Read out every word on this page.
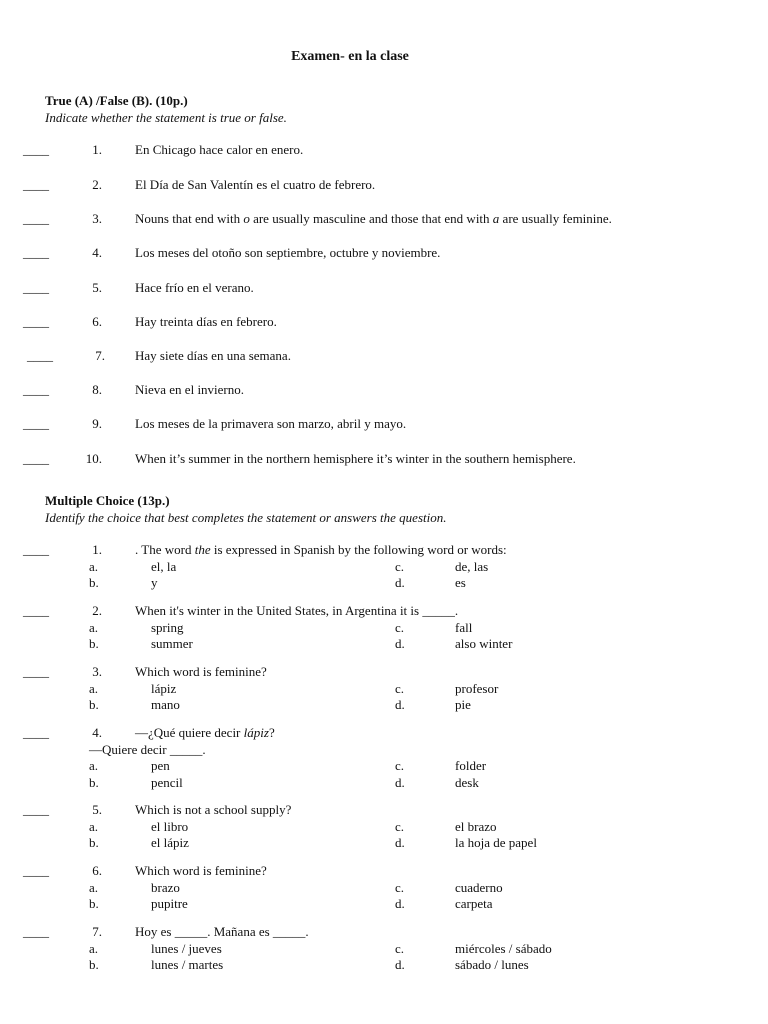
Examen- en la clase
True (A) /False (B). (10p.)
Indicate whether the statement is true or false.
____	1.	En Chicago hace calor en enero.
____	2.	El Día de San Valentín es el cuatro de febrero.
____	3.	Nouns that end with o are usually masculine and those that end with a are usually feminine.
____	4.	Los meses del otoño son septiembre, octubre y noviembre.
____	5.	Hace frío en el verano.
____	6.	Hay treinta días en febrero.
____	7. Hay siete días en una semana.
____	8.	Nieva en el invierno.
____	9.	Los meses de la primavera son marzo, abril y mayo.
____	10.	When it’s summer in the northern hemisphere it’s winter in the southern hemisphere.
Multiple Choice (13p.)
Identify the choice that best completes the statement or answers the question.
____	1.	. The word the is expressed in Spanish by the following word or words:
a.	el, la	c.	de, las
b.	y	d.	es
____	2.	When it's winter in the United States, in Argentina it is _____.
a.	spring	c.	fall
b.	summer	d.	also winter
____	3.	Which word is feminine?
a.	lápiz	c.	profesor
b.	mano	d.	pie
____	4.	—¿Qué quiere decir lápiz?
—Quiere decir _____.
a.	pen	c.	folder
b.	pencil	d.	desk
____	5.	Which is not a school supply?
a.	el libro	c.	el brazo
b.	el lápiz	d.	la hoja de papel
____	6.	Which word is feminine?
a.	brazo	c.	cuaderno
b.	pupitre	d.	carpeta
____	7.	Hoy es _____. Mañana es _____.
a.	lunes / jueves	c.	miércoles / sábado
b.	lunes / martes	d.	sábado / lunes
